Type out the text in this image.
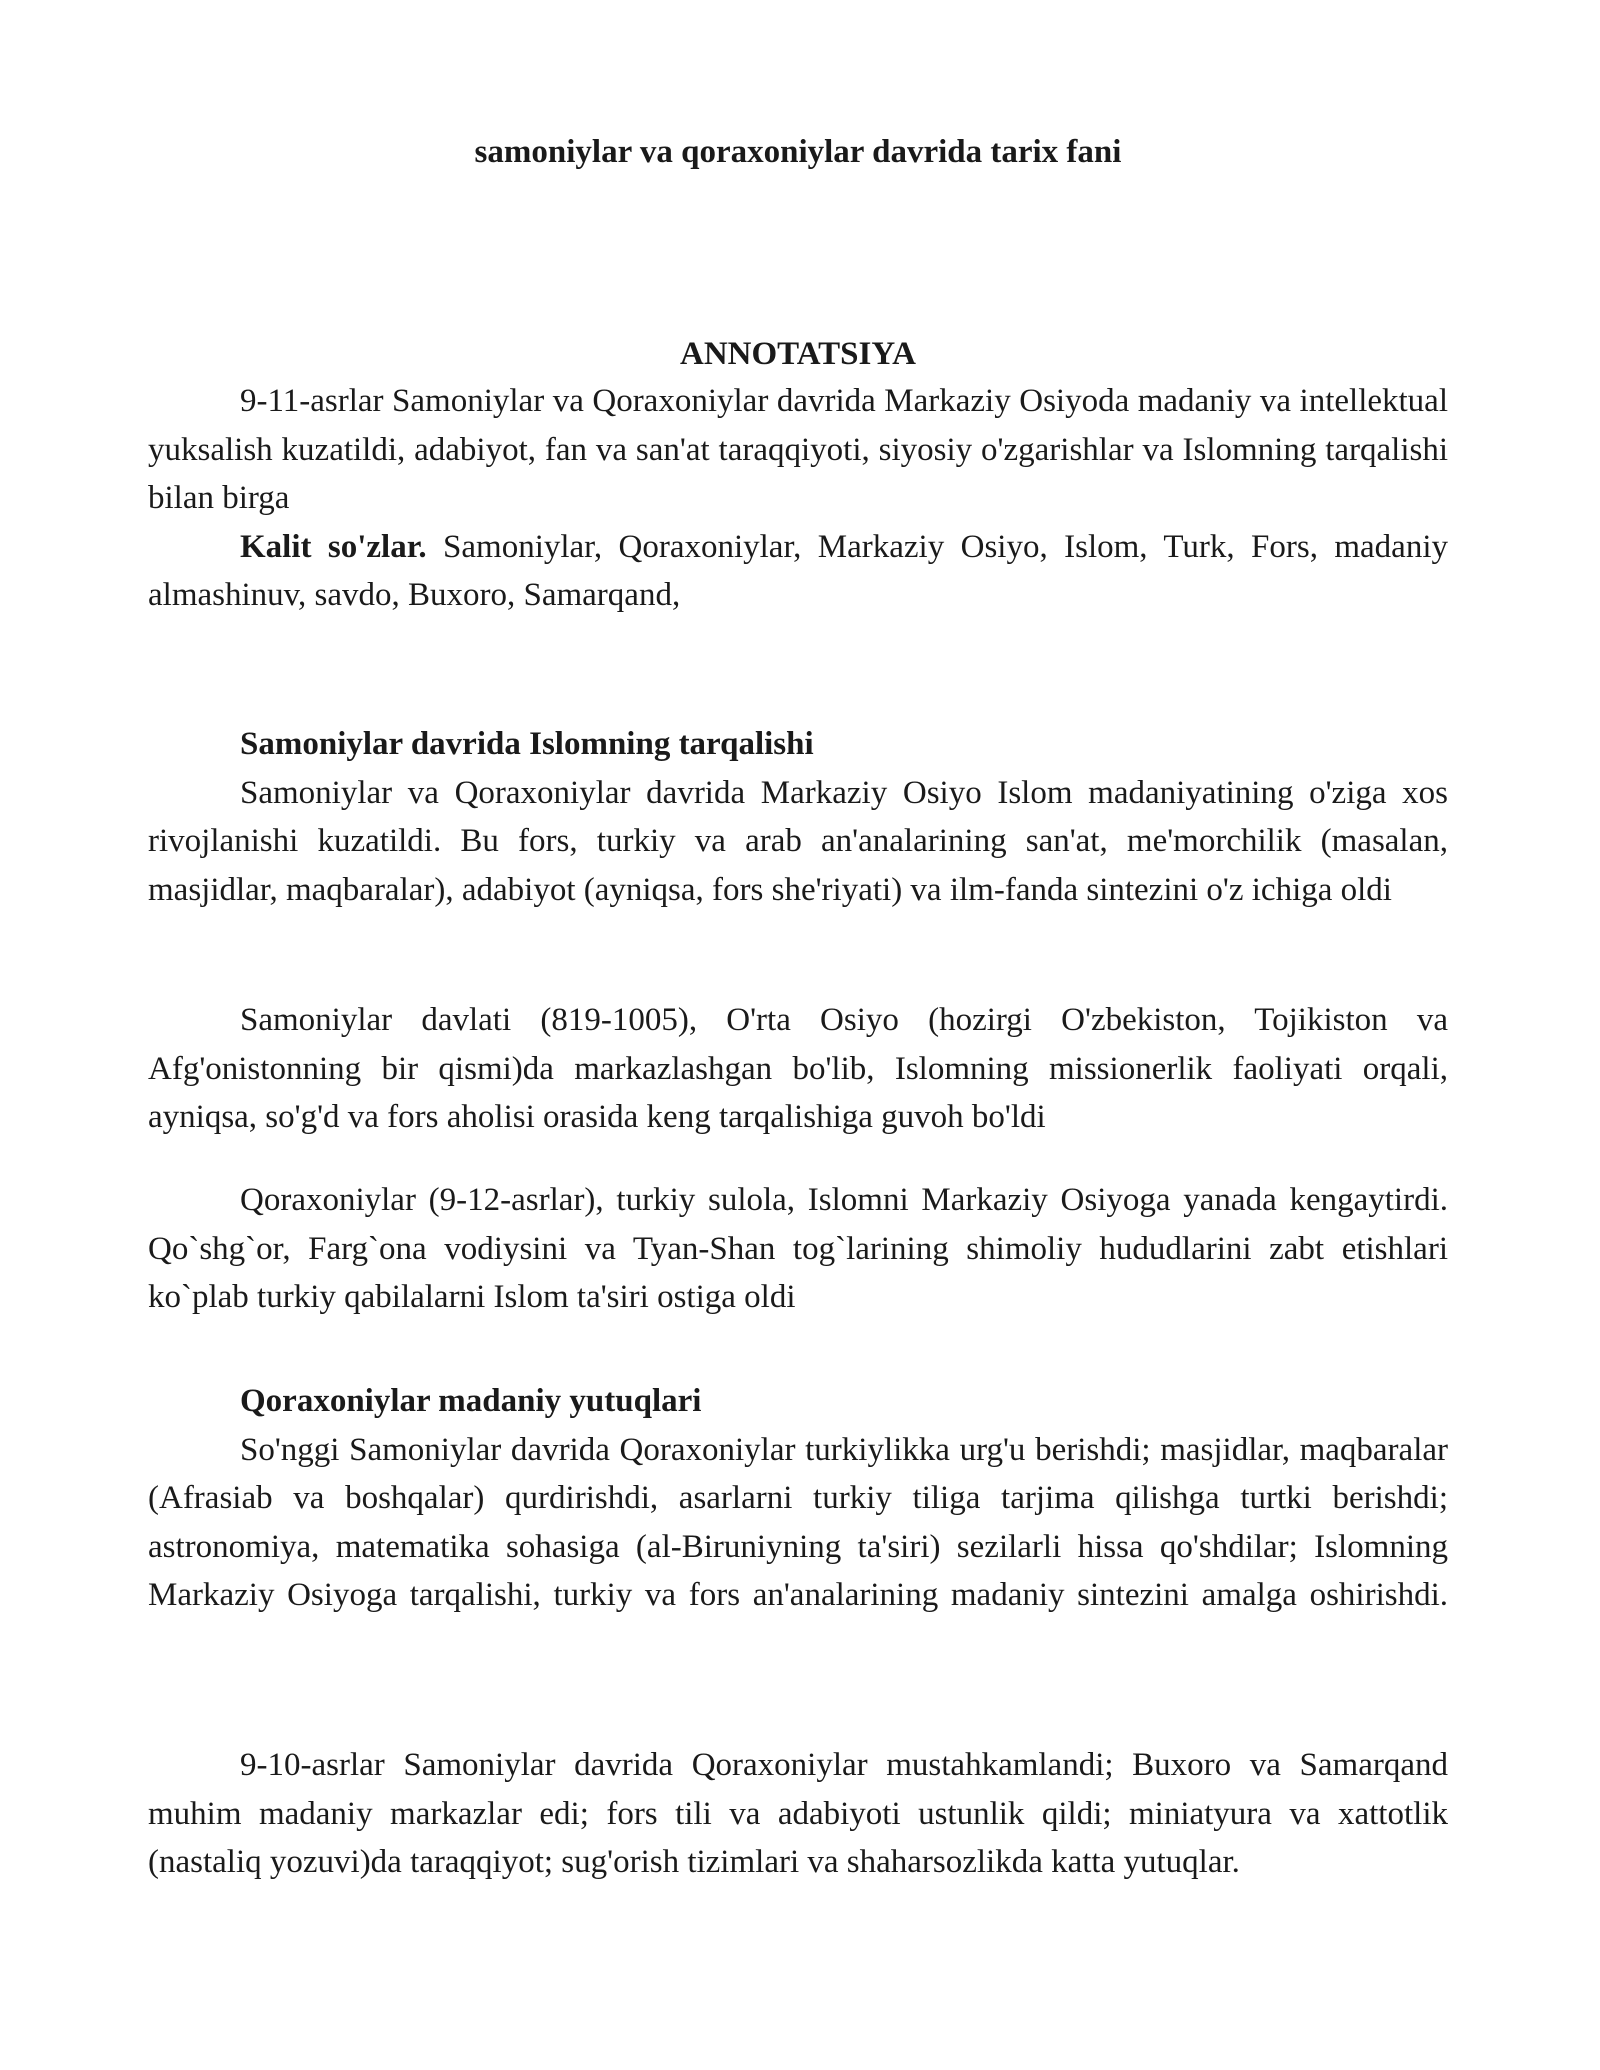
samoniylar va qoraxoniylar davrida tarix fani
ANNOTATSIYA

9-11-asrlar Samoniylar va Qoraxoniylar davrida Markaziy Osiyoda madaniy va intellektual yuksalish kuzatildi, adabiyot, fan va san'at taraqqiyoti, siyosiy o'zgarishlar va Islomning tarqalishi bilan birga

Kalit so'zlar. Samoniylar, Qoraxoniylar, Markaziy Osiyo, Islom, Turk, Fors, madaniy almashinuv, savdo, Buxoro, Samarqand,

Samoniylar davrida Islomning tarqalishi

Samoniylar va Qoraxoniylar davrida Markaziy Osiyo Islom madaniyatining o'ziga xos rivojlanishi kuzatildi. Bu fors, turkiy va arab an'analarining san'at, me'morchilik (masalan, masjidlar, maqbaralar), adabiyot (ayniqsa, fors she'riyati) va ilm-fanda sintezini o'z ichiga oldi

Samoniylar davlati (819-1005), O'rta Osiyo (hozirgi O'zbekiston, Tojikiston va Afg'onistonning bir qismi)da markazlashgan bo'lib, Islomning missionerlik faoliyati orqali, ayniqsa, so'g'd va fors aholisi orasida keng tarqalishiga guvoh bo'ldi

Qoraxoniylar (9-12-asrlar), turkiy sulola, Islomni Markaziy Osiyoga yanada kengaytirdi. Qo`shg`or, Farg`ona vodiysini va Tyan-Shan tog`larining shimoliy hududlarini zabt etishlari ko`plab turkiy qabilalarni Islom ta'siri ostiga oldi

Qoraxoniylar madaniy yutuqlari

So'nggi Samoniylar davrida Qoraxoniylar turkiylikka urg'u berishdi; masjidlar, maqbaralar (Afrasiab va boshqalar) qurdirishdi, asarlarni turkiy tiliga tarjima qilishga turtki berishdi; astronomiya, matematika sohasiga (al-Biruniyning ta'siri) sezilarli hissa qo'shdilar; Islomning Markaziy Osiyoga tarqalishi, turkiy va fors an'analarining madaniy sintezini amalga oshirishdi.

9-10-asrlar Samoniylar davrida Qoraxoniylar mustahkamlandi; Buxoro va Samarqand muhim madaniy markazlar edi; fors tili va adabiyoti ustunlik qildi; miniatyura va xattotlik (nastaliq yozuvi)da taraqqiyot; sug'orish tizimlari va shaharsozlikda katta yutuqlar.
